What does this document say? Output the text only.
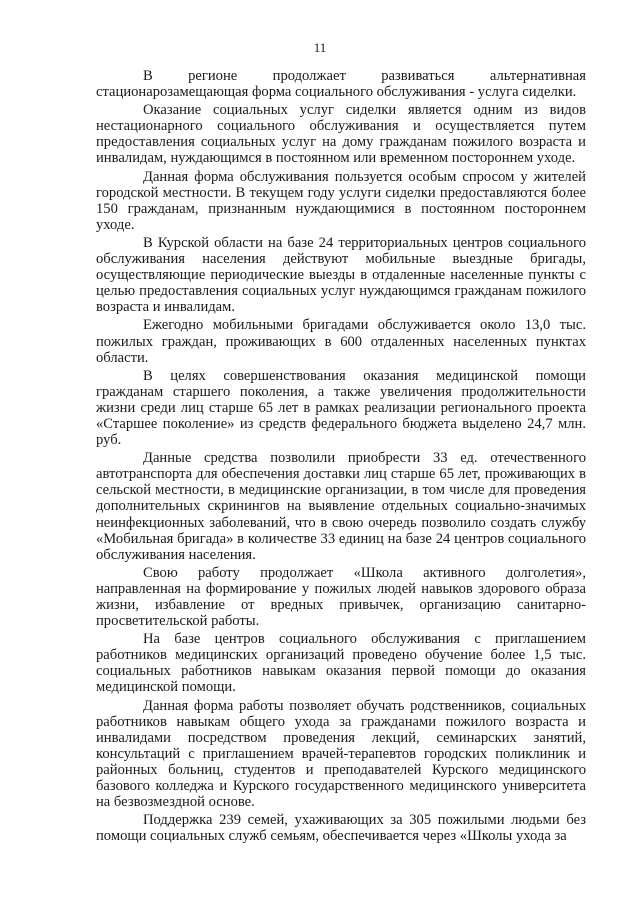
11

В регионе продолжает развиваться альтернативная стационарозамещающая форма социального обслуживания - услуга сиделки.

Оказание социальных услуг сиделки является одним из видов нестационарного социального обслуживания и осуществляется путем предоставления социальных услуг на дому гражданам пожилого возраста и инвалидам, нуждающимся в постоянном или временном постороннем уходе.

Данная форма обслуживания пользуется особым спросом у жителей городской местности. В текущем году услуги сиделки предоставляются более 150 гражданам, признанным нуждающимися в постоянном постороннем уходе.

В Курской области на базе 24 территориальных центров социального обслуживания населения действуют мобильные выездные бригады, осуществляющие периодические выезды в отдаленные населенные пункты с целью предоставления социальных услуг нуждающимся гражданам пожилого возраста и инвалидам.

Ежегодно мобильными бригадами обслуживается около 13,0 тыс. пожилых граждан, проживающих в 600 отдаленных населенных пунктах области.

В целях совершенствования оказания медицинской помощи гражданам старшего поколения, а также увеличения продолжительности жизни среди лиц старше 65 лет в рамках реализации регионального проекта «Старшее поколение» из средств федерального бюджета выделено 24,7 млн. руб.

Данные средства позволили приобрести 33 ед. отечественного автотранспорта для обеспечения доставки лиц старше 65 лет, проживающих в сельской местности, в медицинские организации, в том числе для проведения дополнительных скринингов на выявление отдельных социально-значимых неинфекционных заболеваний, что в свою очередь позволило создать службу «Мобильная бригада» в количестве 33 единиц на базе 24 центров социального обслуживания населения.

Свою работу продолжает «Школа активного долголетия», направленная на формирование у пожилых людей навыков здорового образа жизни, избавление от вредных привычек, организацию санитарно-просветительской работы.

На базе центров социального обслуживания с приглашением работников медицинских организаций проведено обучение более 1,5 тыс. социальных работников навыкам оказания первой помощи до оказания медицинской помощи.

Данная форма работы позволяет обучать родственников, социальных работников навыкам общего ухода за гражданами пожилого возраста и инвалидами посредством проведения лекций, семинарских занятий, консультаций с приглашением врачей-терапевтов городских поликлиник и районных больниц, студентов и преподавателей Курского медицинского базового колледжа и Курского государственного медицинского университета на безвозмездной основе.

Поддержка 239 семей, ухаживающих за 305 пожилыми людьми без помощи социальных служб семьям, обеспечивается через «Школы ухода за
